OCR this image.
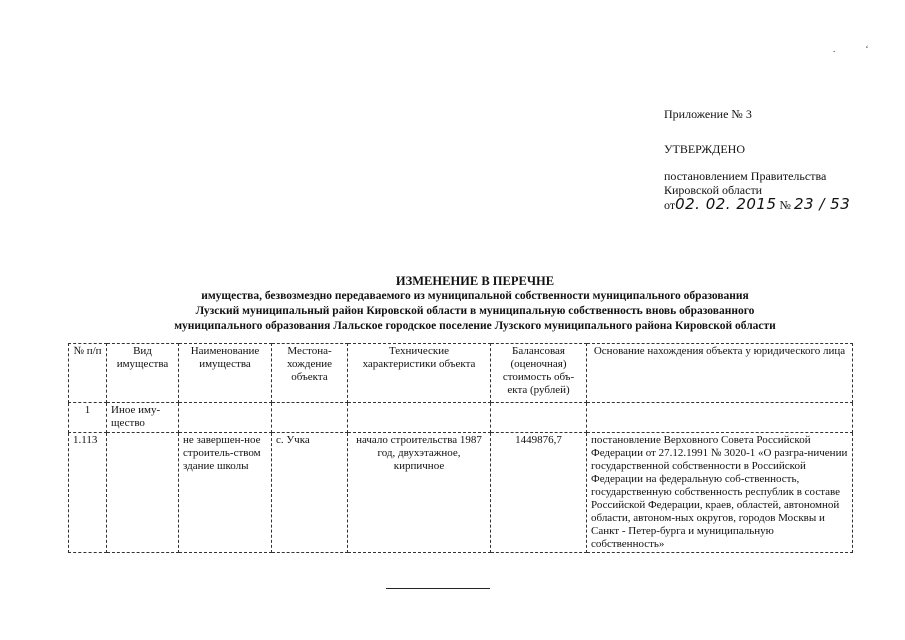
. ‘
Приложение № 3
УТВЕРЖДЕНО
постановлением Правительства
Кировской области
от02. 02. 2015 № 23 / 53
ИЗМЕНЕНИЕ В ПЕРЕЧНЕ
имущества, безвозмездно передаваемого из муниципальной собственности муниципального образования
Лузский муниципальный район Кировской области в муниципальную собственность вновь образованного
муниципального образования Лальское городское поселение Лузского муниципального района Кировской области
№ п/п	Вид имущества	Наименование имущества	Местона-хождение объекта	Технические характеристики объекта	Балансовая (оценочная) стоимость объ-екта (рублей)	Основание нахождения объекта у юридического лица
1	Иное иму-щество					
1.113		не завершен-ное строитель-ством здание школы	с. Учка	начало строительства 1987 год, двухэтажное, кирпичное	1449876,7	постановление Верховного Совета Российской Федерации от 27.12.1991 № 3020-1 «О разгра-ничении государственной собственности в Российской Федерации на федеральную соб-ственность, государственную собственность республик в составе Российской Федерации, краев, областей, автономной области, автоном-ных округов, городов Москвы и Санкт - Петер-бурга и муниципальную собственность»
